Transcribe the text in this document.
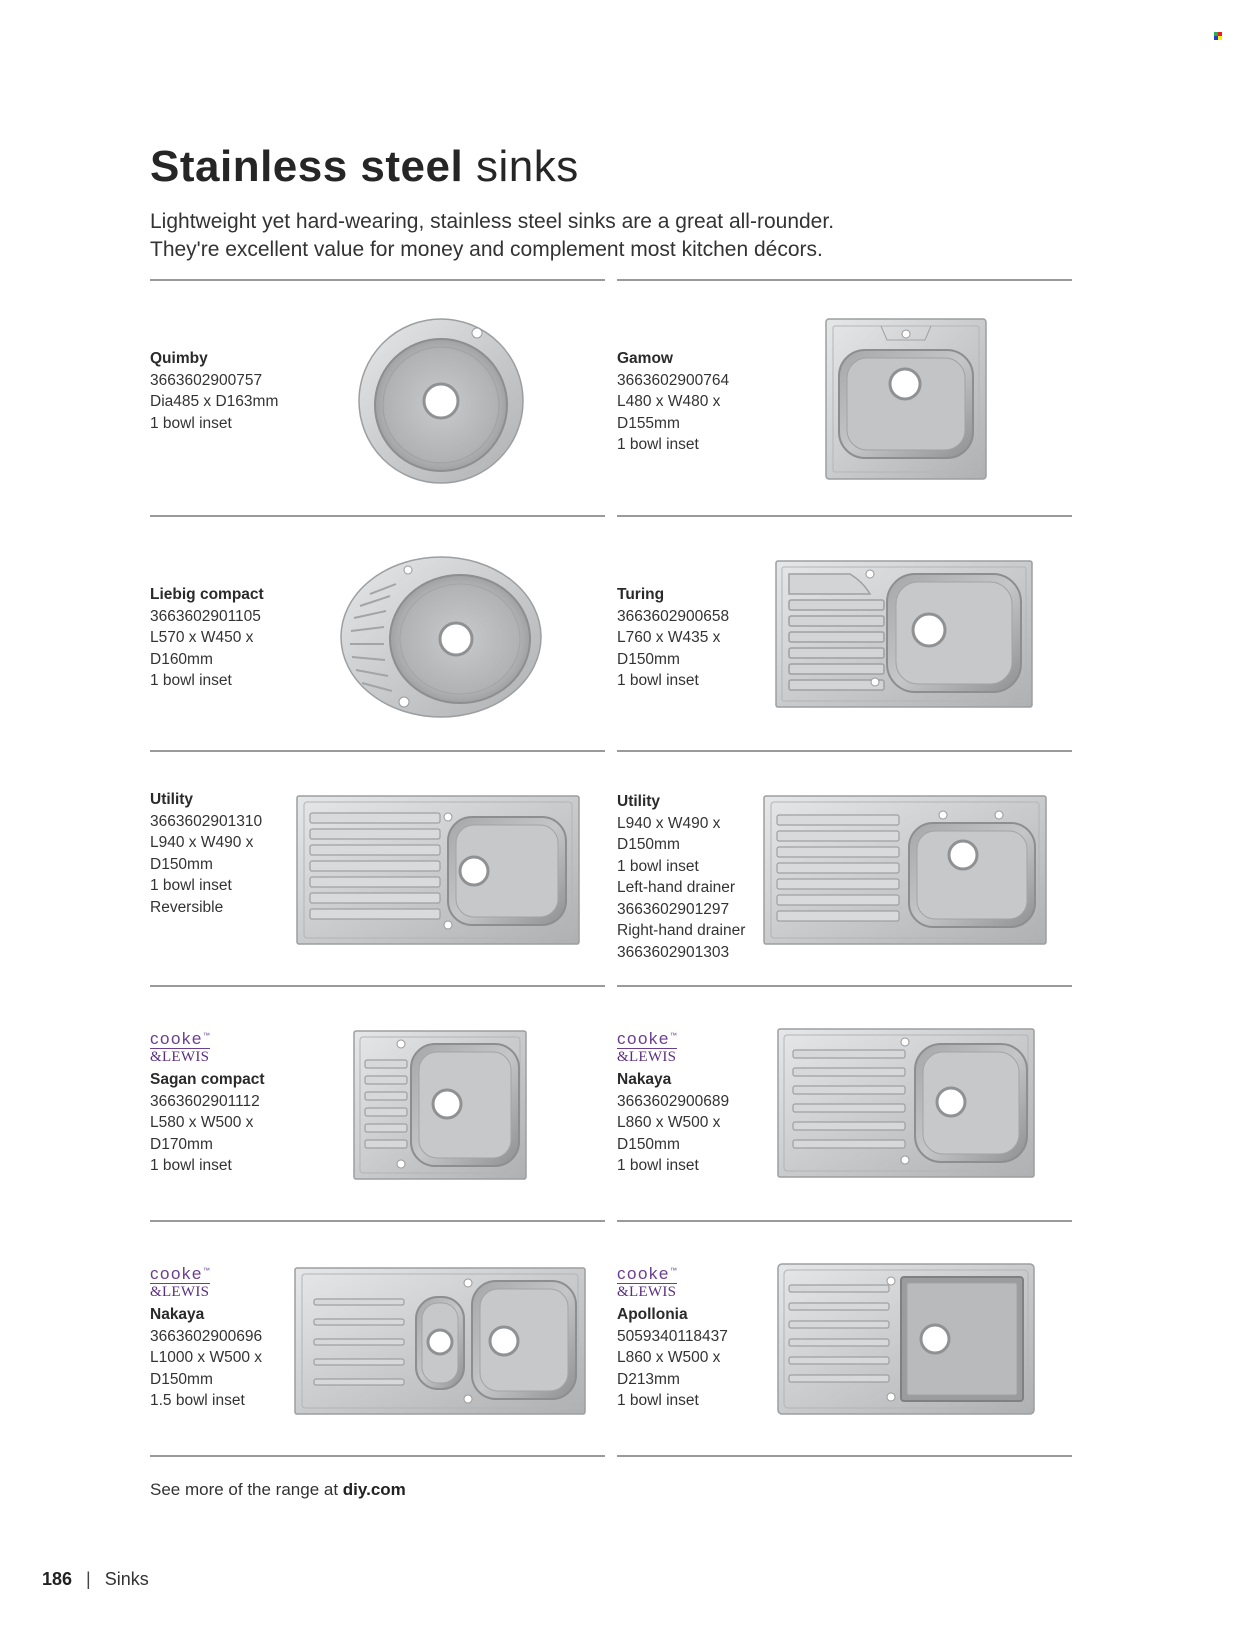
Stainless steel sinks
Lightweight yet hard-wearing, stainless steel sinks are a great all-rounder.
They're excellent value for money and complement most kitchen décors.
Quimby
3663602900757
Dia485 x D163mm
1 bowl inset
Gamow
3663602900764
L480 x W480 x
D155mm
1 bowl inset
Liebig compact
3663602901105
L570 x W450 x
D160mm
1 bowl inset
Turing
3663602900658
L760 x W435 x
D150mm
1 bowl inset
Utility
3663602901310
L940 x W490 x
D150mm
1 bowl inset
Reversible
Utility
L940 x W490 x
D150mm
1 bowl inset
Left-hand drainer
3663602901297
Right-hand drainer
3663602901303
cooke™
&LEWIS
Sagan compact
3663602901112
L580 x W500 x
D170mm
1 bowl inset
cooke™
&LEWIS
Nakaya
3663602900689
L860 x W500 x
D150mm
1 bowl inset
cooke™
&LEWIS
Nakaya
3663602900696
L1000 x W500 x
D150mm
1.5 bowl inset
cooke™
&LEWIS
Apollonia
5059340118437
L860 x W500 x
D213mm
1 bowl inset
See more of the range at diy.com
186 | Sinks
